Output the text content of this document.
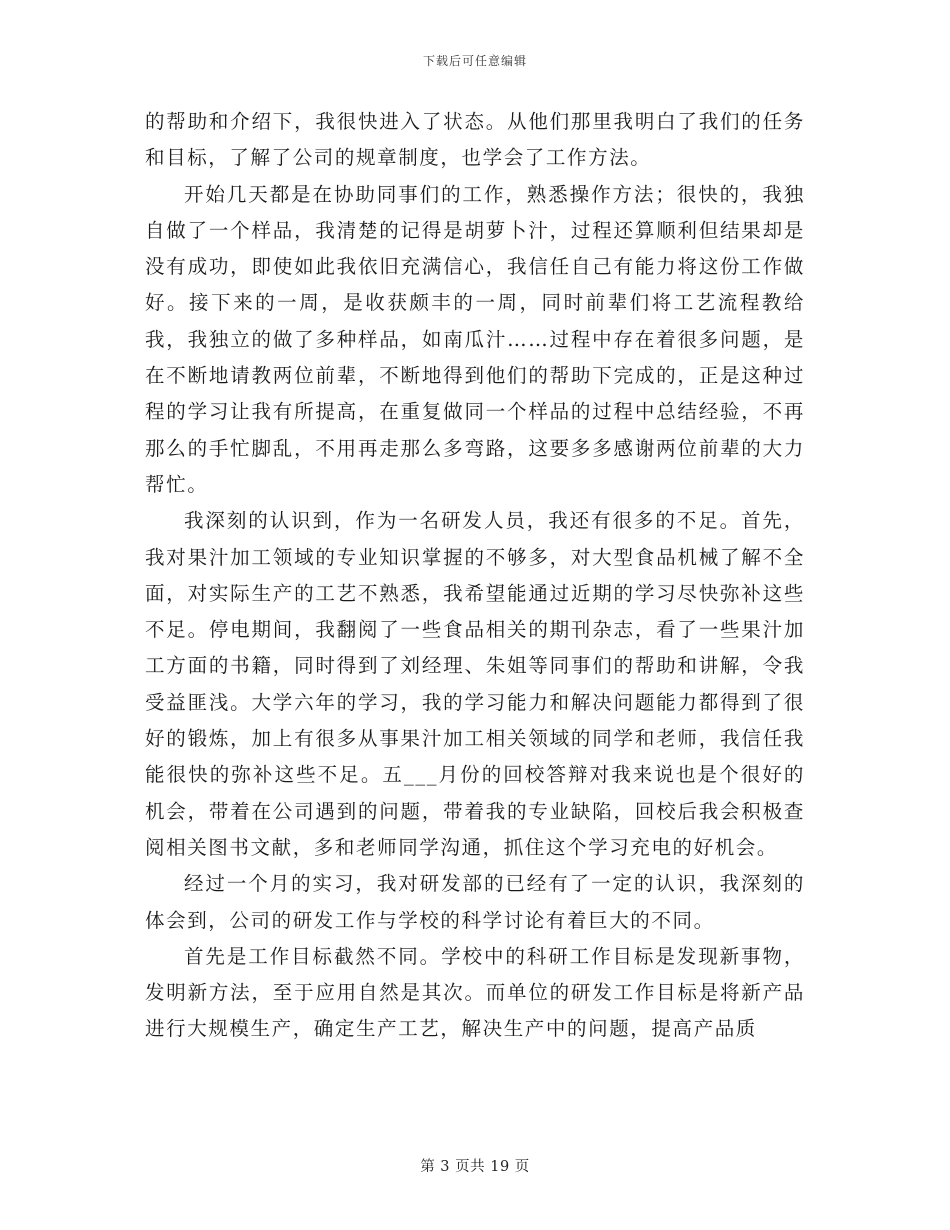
下载后可任意编辑

的帮助和介绍下，我很快进入了状态。从他们那里我明白了我们的任务和目标，了解了公司的规章制度，也学会了工作方法。

开始几天都是在协助同事们的工作，熟悉操作方法；很快的，我独自做了一个样品，我清楚的记得是胡萝卜汁，过程还算顺利但结果却是没有成功，即使如此我依旧充满信心，我信任自己有能力将这份工作做好。接下来的一周，是收获颇丰的一周，同时前辈们将工艺流程教给我，我独立的做了多种样品，如南瓜汁……过程中存在着很多问题，是在不断地请教两位前辈，不断地得到他们的帮助下完成的，正是这种过程的学习让我有所提高，在重复做同一个样品的过程中总结经验，不再那么的手忙脚乱，不用再走那么多弯路，这要多多感谢两位前辈的大力帮忙。

我深刻的认识到，作为一名研发人员，我还有很多的不足。首先，我对果汁加工领域的专业知识掌握的不够多，对大型食品机械了解不全面，对实际生产的工艺不熟悉，我希望能通过近期的学习尽快弥补这些不足。停电期间，我翻阅了一些食品相关的期刊杂志，看了一些果汁加工方面的书籍，同时得到了刘经理、朱姐等同事们的帮助和讲解，令我受益匪浅。大学六年的学习，我的学习能力和解决问题能力都得到了很好的锻炼，加上有很多从事果汁加工相关领域的同学和老师，我信任我能很快的弥补这些不足。五___月份的回校答辩对我来说也是个很好的机会，带着在公司遇到的问题，带着我的专业缺陷，回校后我会积极查阅相关图书文献，多和老师同学沟通，抓住这个学习充电的好机会。

经过一个月的实习，我对研发部的已经有了一定的认识，我深刻的体会到，公司的研发工作与学校的科学讨论有着巨大的不同。

首先是工作目标截然不同。学校中的科研工作目标是发现新事物，发明新方法，至于应用自然是其次。而单位的研发工作目标是将新产品进行大规模生产，确定生产工艺，解决生产中的问题，提高产品质

第 3 页共 19 页
